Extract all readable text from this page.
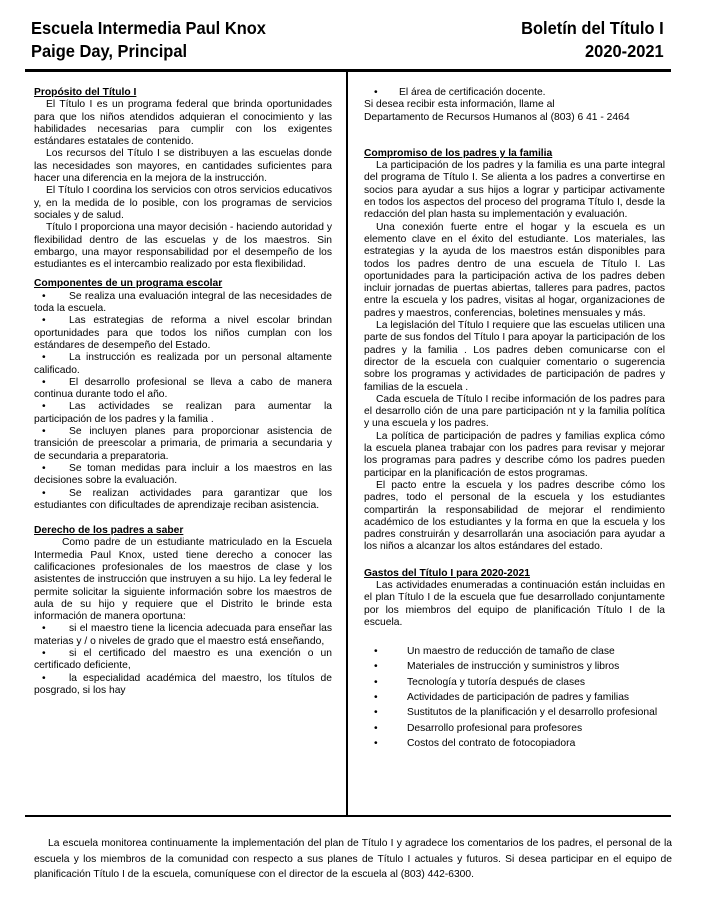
Escuela Intermedia Paul Knox
Paige Day, Principal
Boletín del Título I
2020-2021

Propósito del Título I

El Título I es un programa federal que brinda oportunidades para que los niños atendidos adquieran el conocimiento y las habilidades necesarias para cumplir con los exigentes estándares estatales de contenido.

Los recursos del Título I se distribuyen a las escuelas donde las necesidades son mayores, en cantidades suficientes para hacer una diferencia en la mejora de la instrucción.

El Título I coordina los servicios con otros servicios educativos y, en la medida de lo posible, con los programas de servicios sociales y de salud.

Título I proporciona una mayor decisión - haciendo autoridad y flexibilidad dentro de las escuelas y de los maestros. Sin embargo, una mayor responsabilidad por el desempeño de los estudiantes es el intercambio realizado por esta flexibilidad.

Componentes de un programa escolar

• Se realiza una evaluación integral de las necesidades de toda la escuela.
• Las estrategias de reforma a nivel escolar brindan oportunidades para que todos los niños cumplan con los estándares de desempeño del Estado.
• La instrucción es realizada por un personal altamente calificado.
• El desarrollo profesional se lleva a cabo de manera continua durante todo el año.
• Las actividades se realizan para aumentar la participación de los padres y la familia .
• Se incluyen planes para proporcionar asistencia de transición de preescolar a primaria, de primaria a secundaria y de secundaria a preparatoria.
• Se toman medidas para incluir a los maestros en las decisiones sobre la evaluación.
• Se realizan actividades para garantizar que los estudiantes con dificultades de aprendizaje reciban asistencia.

Derecho de los padres a saber

Como padre de un estudiante matriculado en la Escuela Intermedia Paul Knox, usted tiene derecho a conocer las calificaciones profesionales de los maestros de clase y los asistentes de instrucción que instruyen a su hijo. La ley federal le permite solicitar la siguiente información sobre los maestros de aula de su hijo y requiere que el Distrito le brinde esta información de manera oportuna:

• si el maestro tiene la licencia adecuada para enseñar las materias y / o niveles de grado que el maestro está enseñando,
• si el certificado del maestro es una exención o un certificado deficiente,
• la especialidad académica del maestro, los títulos de posgrado, si los hay
• El área de certificación docente.

Si desea recibir esta información, llame al

Departamento de Recursos Humanos al (803) 6 41 - 2464

Compromiso de los padres y la familia

La participación de los padres y la familia es una parte integral del programa de Título I. Se alienta a los padres a convertirse en socios para ayudar a sus hijos a lograr y participar activamente en todos los aspectos del proceso del programa Título I, desde la redacción del plan hasta su implementación y evaluación.

Una conexión fuerte entre el hogar y la escuela es un elemento clave en el éxito del estudiante. Los materiales, las estrategias y la ayuda de los maestros están disponibles para todos los padres dentro de una escuela de Título I. Las oportunidades para la participación activa de los padres deben incluir jornadas de puertas abiertas, talleres para padres, pactos entre la escuela y los padres, visitas al hogar, organizaciones de padres y maestros, conferencias, boletines mensuales y más.

La legislación del Título I requiere que las escuelas utilicen una parte de sus fondos del Título I para apoyar la participación de los padres y la familia . Los padres deben comunicarse con el director de la escuela con cualquier comentario o sugerencia sobre los programas y actividades de participación de padres y familias de la escuela .

Cada escuela de Título I recibe información de los padres para el desarrollo ción de una pare participación nt y la familia política y una escuela y los padres.

La política de participación de padres y familias explica cómo la escuela planea trabajar con los padres para revisar y mejorar los programas para padres y describe cómo los padres pueden participar en la planificación de estos programas.

El pacto entre la escuela y los padres describe cómo los padres, todo el personal de la escuela y los estudiantes compartirán la responsabilidad de mejorar el rendimiento académico de los estudiantes y la forma en que la escuela y los padres construirán y desarrollarán una asociación para ayudar a los niños a alcanzar los altos estándares del estado.

Gastos del Título I para 2020-2021

Las actividades enumeradas a continuación están incluidas en el plan Título I de la escuela que fue desarrollado conjuntamente por los miembros del equipo de planificación Título I de la escuela.

•	Un maestro de reducción de tamaño de clase
•	Materiales de instrucción y suministros y libros
•	Tecnología y tutoría después de clases
•	Actividades de participación de padres y familias
•	Sustitutos de la planificación y el desarrollo profesional
•	Desarrollo profesional para profesores
•	Costos del contrato de fotocopiadora

La escuela monitorea continuamente la implementación del plan de Título I y agradece los comentarios de los padres, el personal de la escuela y los miembros de la comunidad con respecto a sus planes de Título I actuales y futuros. Si desea participar en el equipo de planificación Título I de la escuela, comuníquese con el director de la escuela al (803) 442-6300.
